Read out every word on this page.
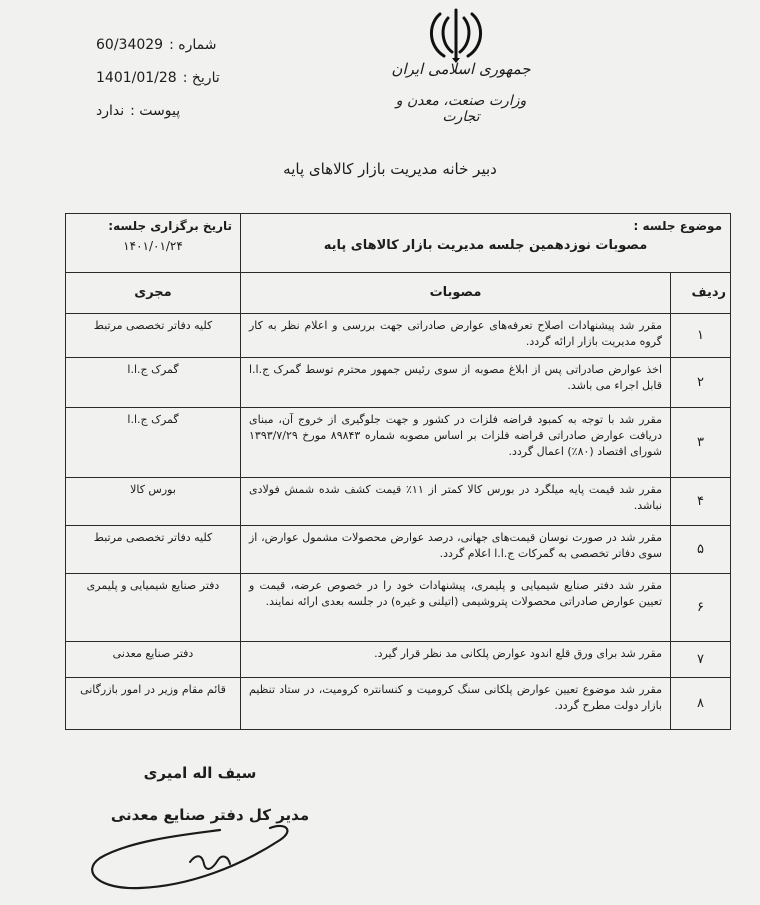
شماره :
60/34029
تاریخ :
1401/01/28
پیوست :
ندارد
جمهوری اسلامی ایران
وزارت صنعت، معدن و تجارت
دبیر خانه مدیریت بازار کالاهای پایه
موضوع جلسه :
مصوبات نوزدهمین جلسه مدیریت بازار کالاهای پایه		تاریخ برگزاری جلسه:
۱۴۰۱/۰۱/۲۴

ردیف	مصوبات	مجری
۱	مقرر شد پیشنهادات اصلاح تعرفه‌های عوارض صادراتی جهت بررسی و اعلام نظر به کار گروه مدیریت بازار ارائه گردد.	کلیه دفاتر تخصصی مرتبط
۲	اخذ عوارض صادراتی پس از ابلاغ مصوبه از سوی رئیس جمهور محترم توسط گمرک ج.ا.ا قابل اجراء می باشد.	گمرک ج.ا.ا
۳	مقرر شد با توجه به کمبود قراضه فلزات در کشور و جهت جلوگیری از خروج آن، مبنای دریافت عوارض صادراتی قراضه فلزات بر اساس مصوبه شماره ۸۹۸۴۳ مورخ ۱۳۹۳/۷/۲۹ شورای اقتصاد (۸۰٪) اعمال گردد.	گمرک ج.ا.ا
۴	مقرر شد قیمت پایه میلگرد در بورس کالا کمتر از ۱۱٪ قیمت کشف شده شمش فولادی نباشد.	بورس کالا
۵	مقرر شد در صورت نوسان قیمت‌های جهانی، درصد عوارض محصولات مشمول عوارض، از سوی دفاتر تخصصی به گمرکات ج.ا.ا اعلام گردد.	کلیه دفاتر تخصصی مرتبط
۶	مقرر شد دفتر صنایع شیمیایی و پلیمری، پیشنهادات خود را در خصوص عرضه، قیمت و تعیین عوارض صادراتی محصولات پتروشیمی (اتیلنی و غیره) در جلسه بعدی ارائه نمایند.	دفتر صنایع شیمیایی و پلیمری
۷	مقرر شد برای ورق قلع اندود عوارض پلکانی مد نظر قرار گیرد.	دفتر صنایع معدنی
۸	مقرر شد موضوع تعیین عوارض پلکانی سنگ کرومیت و کنسانتره کرومیت، در ستاد تنظیم بازار دولت مطرح گردد.	قائم مقام وزیر در امور بازرگانی
سیف اله امیری
مدیر کل دفتر صنایع معدنی
